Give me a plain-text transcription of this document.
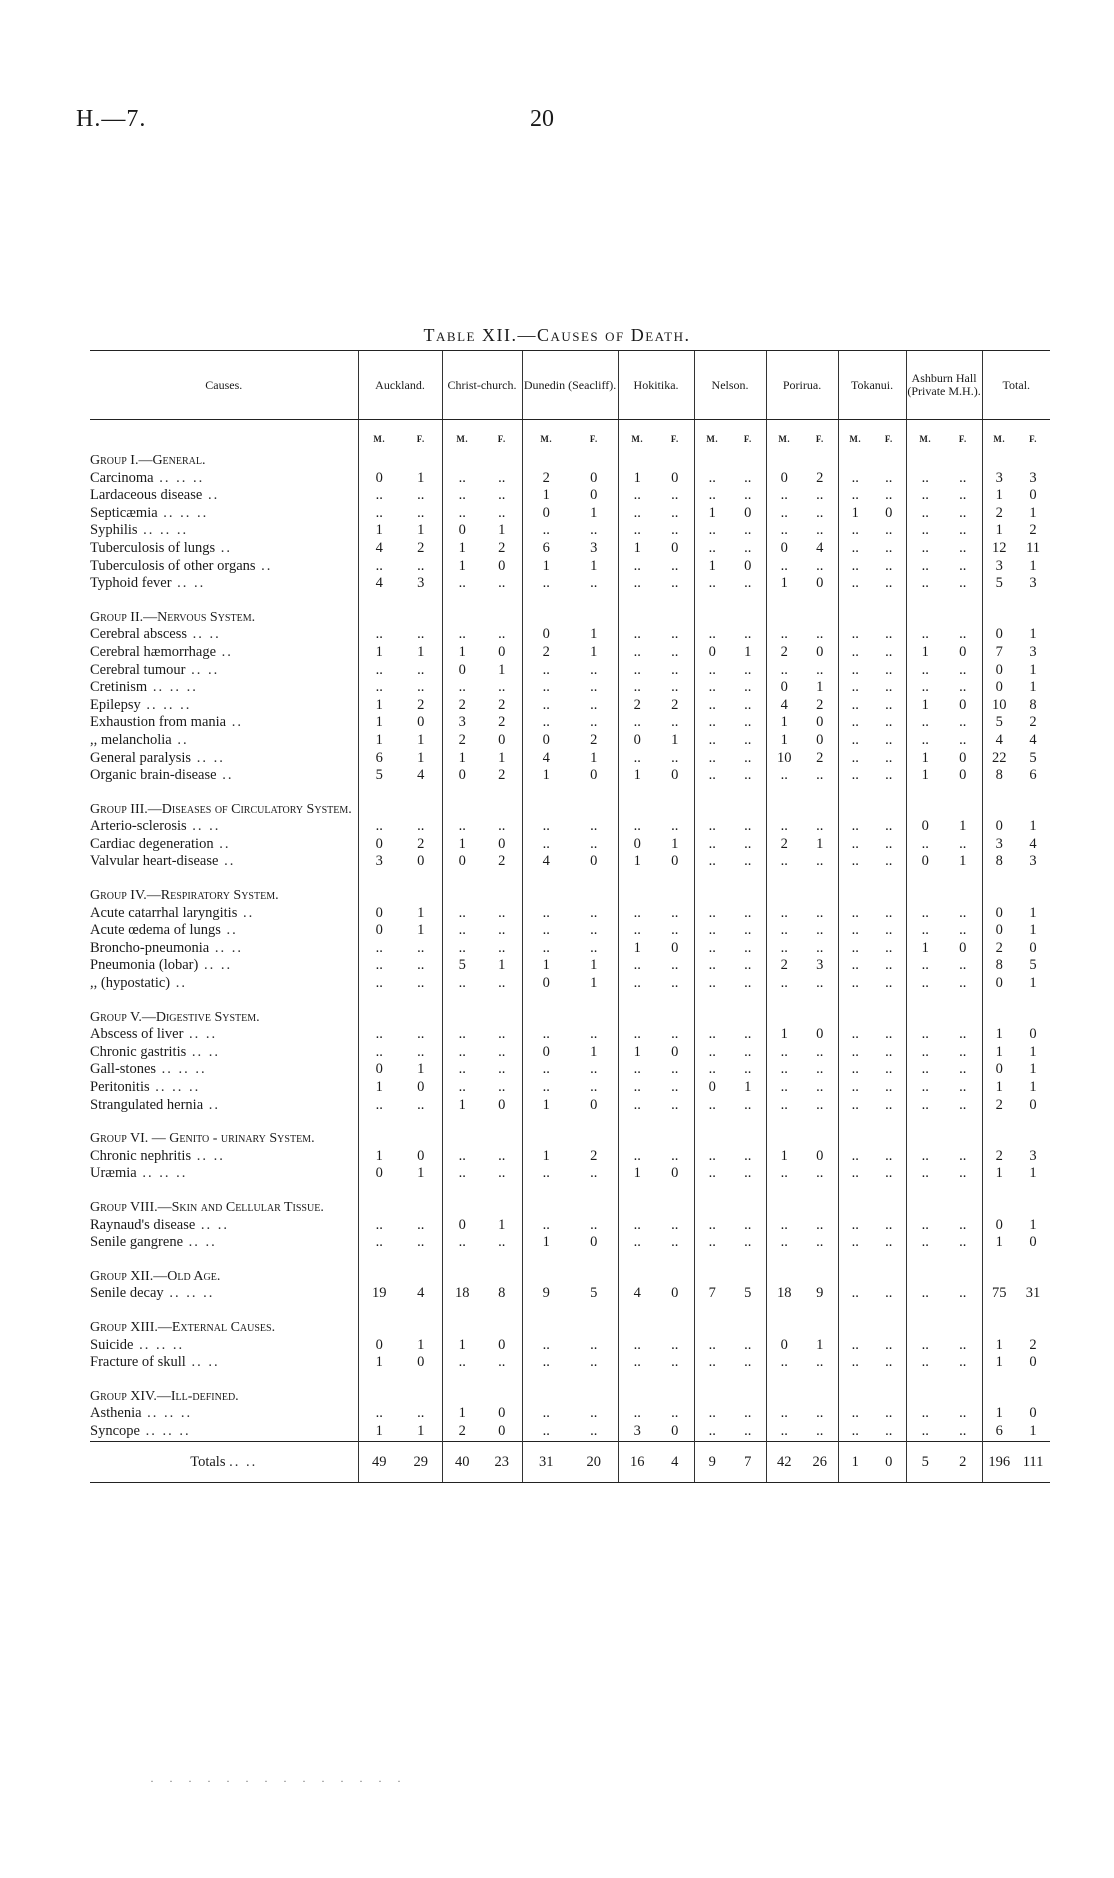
H.—7.	20
Table XII.—Causes of Death.
Causes.	Auckland.		Christ-church.		Dunedin (Seacliff).		Hokitika.		Nelson.		Porirua.		Tokanui.		Ashburn Hall (Private M.H.).		Total.	
	M.	F.	M.	F.	M.	F.	M.	F.	M.	F.	M.	F.	M.	F.	M.	F.	M.	F.
Group I.—General.																		
Carcinoma .. .. ..	0	1	..	..	2	0	1	0	..	..	0	2	..	..	..	..	3	3
Lardaceous disease ..	..	..	..	..	1	0	..	..	..	..	..	..	..	..	..	..	1	0
Septicæmia .. .. ..	..	..	..	..	0	1	..	..	1	0	..	..	1	0	..	..	2	1
Syphilis .. .. ..	1	1	0	1	..	..	..	..	..	..	..	..	..	..	..	..	1	2
Tuberculosis of lungs ..	4	2	1	2	6	3	1	0	..	..	0	4	..	..	..	..	12	11
Tuberculosis of other organs ..	..	..	1	0	1	1	..	..	1	0	..	..	..	..	..	..	3	1
Typhoid fever .. ..	4	3	..	..	..	..	..	..	..	..	1	0	..	..	..	..	5	3

Group II.—Nervous System.																		
Cerebral abscess .. ..	..	..	..	..	0	1	..	..	..	..	..	..	..	..	..	..	0	1
Cerebral hæmorrhage ..	1	1	1	0	2	1	..	..	0	1	2	0	..	..	1	0	7	3
Cerebral tumour .. ..	..	..	0	1	..	..	..	..	..	..	..	..	..	..	..	..	0	1
Cretinism .. .. ..	..	..	..	..	..	..	..	..	..	..	0	1	..	..	..	..	0	1
Epilepsy .. .. ..	1	2	2	2	..	..	2	2	..	..	4	2	..	..	1	0	10	8
Exhaustion from mania ..	1	0	3	2	..	..	..	..	..	..	1	0	..	..	..	..	5	2
,, melancholia ..	1	1	2	0	0	2	0	1	..	..	1	0	..	..	..	..	4	4
General paralysis .. ..	6	1	1	1	4	1	..	..	..	..	10	2	..	..	1	0	22	5
Organic brain-disease ..	5	4	0	2	1	0	1	0	..	..	..	..	..	..	1	0	8	6

Group III.—Diseases of Circulatory System.																		
Arterio-sclerosis .. ..	..	..	..	..	..	..	..	..	..	..	..	..	..	..	0	1	0	1
Cardiac degeneration ..	0	2	1	0	..	..	0	1	..	..	2	1	..	..	..	..	3	4
Valvular heart-disease ..	3	0	0	2	4	0	1	0	..	..	..	..	..	..	0	1	8	3

Group IV.—Respiratory System.																		
Acute catarrhal laryngitis ..	0	1	..	..	..	..	..	..	..	..	..	..	..	..	..	..	0	1
Acute œdema of lungs ..	0	1	..	..	..	..	..	..	..	..	..	..	..	..	..	..	0	1
Broncho-pneumonia .. ..	..	..	..	..	..	..	1	0	..	..	..	..	..	..	1	0	2	0
Pneumonia (lobar) .. ..	..	..	5	1	1	1	..	..	..	..	2	3	..	..	..	..	8	5
,, (hypostatic) ..	..	..	..	..	0	1	..	..	..	..	..	..	..	..	..	..	0	1

Group V.—Digestive System.																		
Abscess of liver .. ..	..	..	..	..	..	..	..	..	..	..	1	0	..	..	..	..	1	0
Chronic gastritis .. ..	..	..	..	..	0	1	1	0	..	..	..	..	..	..	..	..	1	1
Gall-stones .. .. ..	0	1	..	..	..	..	..	..	..	..	..	..	..	..	..	..	0	1
Peritonitis .. .. ..	1	0	..	..	..	..	..	..	0	1	..	..	..	..	..	..	1	1
Strangulated hernia ..	..	..	1	0	1	0	..	..	..	..	..	..	..	..	..	..	2	0

Group VI. — Genito - urinary System.																		
Chronic nephritis .. ..	1	0	..	..	1	2	..	..	..	..	1	0	..	..	..	..	2	3
Uræmia .. .. ..	0	1	..	..	..	..	1	0	..	..	..	..	..	..	..	..	1	1

Group VIII.—Skin and Cellular Tissue.																		
Raynaud's disease .. ..	..	..	0	1	..	..	..	..	..	..	..	..	..	..	..	..	0	1
Senile gangrene .. ..	..	..	..	..	1	0	..	..	..	..	..	..	..	..	..	..	1	0

Group XII.—Old Age.																		
Senile decay .. .. ..	19	4	18	8	9	5	4	0	7	5	18	9	..	..	..	..	75	31

Group XIII.—External Causes.																		
Suicide .. .. ..	0	1	1	0	..	..	..	..	..	..	0	1	..	..	..	..	1	2
Fracture of skull .. ..	1	0	..	..	..	..	..	..	..	..	..	..	..	..	..	..	1	0

Group XIV.—Ill-defined.																		
Asthenia .. .. ..	..	..	1	0	..	..	..	..	..	..	..	..	..	..	..	..	1	0
Syncope .. .. ..	1	1	2	0	..	..	3	0	..	..	..	..	..	..	..	..	6	1
Totals .. ..	49	29	40	23	31	20	16	4	9	7	42	26	1	0	5	2	196	111
· · · · · · · · · · · · · ·
